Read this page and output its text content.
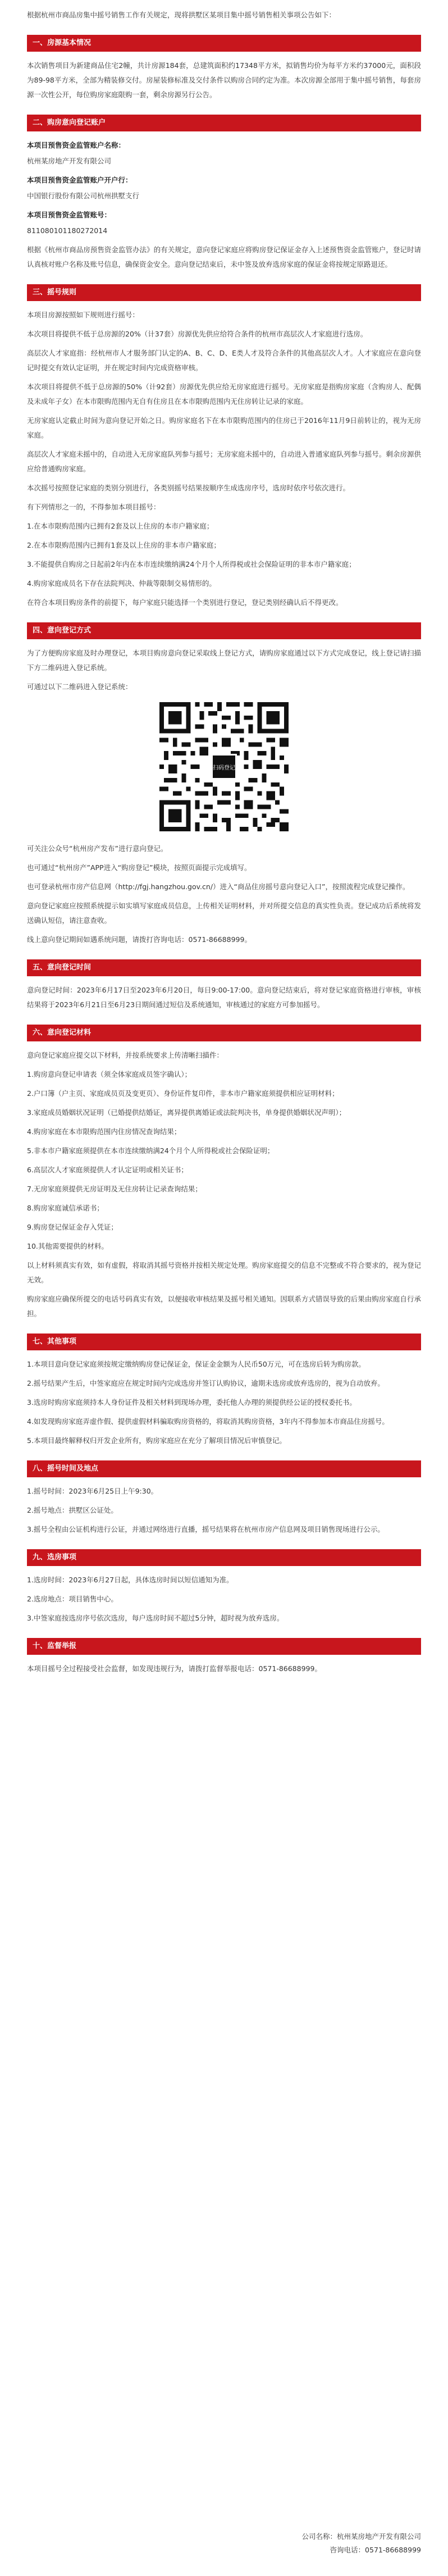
根据杭州市商品房集中摇号销售工作有关规定，现将拱墅区某项目集中摇号销售相关事项公告如下：

一、房源基本情况

本次销售项目为新建商品住宅2幢，共计房源184套，总建筑面积约17348平方米，拟销售均价为每平方米约37000元，面积段为89-98平方米，全部为精装修交付。房屋装修标准及交付条件以购房合同约定为准。本次房源全部用于集中摇号销售，每套房源一次性公开，每位购房家庭限购一套，剩余房源另行公告。

二、购房意向登记账户

本项目预售资金监管账户名称：

杭州某房地产开发有限公司

本项目预售资金监管账户开户行：

中国银行股份有限公司杭州拱墅支行

本项目预售资金监管账号：

811080101180272014

根据《杭州市商品房预售资金监管办法》的有关规定，意向登记家庭应将购房登记保证金存入上述预售资金监管账户，登记时请认真核对账户名称及账号信息，确保资金安全。意向登记结束后，未中签及放弃选房家庭的保证金将按规定原路退还。

三、摇号规则

本项目房源按照如下规则进行摇号：

本次项目将提供不低于总房源的20%（计37套）房源优先供应给符合条件的杭州市高层次人才家庭进行选房。

高层次人才家庭指：经杭州市人才服务部门认定的A、B、C、D、E类人才及符合条件的其他高层次人才。人才家庭应在意向登记时提交有效认定证明，并在规定时间内完成资格审核。

本次项目将提供不低于总房源的50%（计92套）房源优先供应给无房家庭进行摇号。无房家庭是指购房家庭（含购房人、配偶及未成年子女）在本市限购范围内无自有住房且在本市限购范围内无住房转让记录的家庭。

无房家庭认定截止时间为意向登记开始之日。购房家庭名下在本市限购范围内的住房已于2016年11月9日前转让的，视为无房家庭。

高层次人才家庭未摇中的，自动进入无房家庭队列参与摇号；无房家庭未摇中的，自动进入普通家庭队列参与摇号。剩余房源供应给普通购房家庭。

本次摇号按照登记家庭的类别分别进行，各类别摇号结果按顺序生成选房序号，选房时依序号依次进行。

有下列情形之一的，不得参加本项目摇号：

1.在本市限购范围内已拥有2套及以上住房的本市户籍家庭；

2.在本市限购范围内已拥有1套及以上住房的非本市户籍家庭；

3.不能提供自购房之日起前2年内在本市连续缴纳满24个月个人所得税或社会保险证明的非本市户籍家庭；

4.购房家庭成员名下存在法院判决、仲裁等限制交易情形的。

在符合本项目购房条件的前提下，每户家庭只能选择一个类别进行登记，登记类别经确认后不得更改。

四、意向登记方式

为了方便购房家庭及时办理登记，本项目购房意向登记采取线上登记方式，请购房家庭通过以下方式完成登记，线上登记请扫描下方二维码进入登记系统。

可通过以下二维码进入登记系统：

扫码登记

可关注公众号“杭州房产发布”进行意向登记。

也可通过“杭州房产”APP进入“购房登记”模块，按照页面提示完成填写。

也可登录杭州市房产信息网（http://fgj.hangzhou.gov.cn/）进入“商品住房摇号意向登记入口”，按照流程完成登记操作。

意向登记家庭应按照系统提示如实填写家庭成员信息，上传相关证明材料，并对所提交信息的真实性负责。登记成功后系统将发送确认短信，请注意查收。

线上意向登记期间如遇系统问题，请拨打咨询电话：0571-86688999。

五、意向登记时间

意向登记时间：2023年6月17日至2023年6月20日，每日9:00-17:00。意向登记结束后，将对登记家庭资格进行审核，审核结果将于2023年6月21日至6月23日期间通过短信及系统通知，审核通过的家庭方可参加摇号。

六、意向登记材料

意向登记家庭应提交以下材料，并按系统要求上传清晰扫描件：

1.购房意向登记申请表（须全体家庭成员签字确认）；

2.户口簿（户主页、家庭成员页及变更页）、身份证件复印件，非本市户籍家庭须提供相应证明材料；

3.家庭成员婚姻状况证明（已婚提供结婚证，离异提供离婚证或法院判决书，单身提供婚姻状况声明）；

4.购房家庭在本市限购范围内住房情况查询结果；

5.非本市户籍家庭须提供在本市连续缴纳满24个月个人所得税或社会保险证明；

6.高层次人才家庭须提供人才认定证明或相关证书；

7.无房家庭须提供无房证明及无住房转让记录查询结果；

8.购房家庭诚信承诺书；

9.购房登记保证金存入凭证；

10.其他需要提供的材料。

以上材料须真实有效，如有虚假，将取消其摇号资格并按相关规定处理。购房家庭提交的信息不完整或不符合要求的，视为登记无效。

购房家庭应确保所提交的电话号码真实有效，以便接收审核结果及摇号相关通知。因联系方式错误导致的后果由购房家庭自行承担。

七、其他事项

1.本项目意向登记家庭须按规定缴纳购房登记保证金，保证金金额为人民币50万元，可在选房后转为购房款。

2.摇号结果产生后，中签家庭应在规定时间内完成选房并签订认购协议，逾期未选房或放弃选房的，视为自动放弃。

3.选房时购房家庭须持本人身份证件及相关材料到现场办理，委托他人办理的须提供经公证的授权委托书。

4.如发现购房家庭弄虚作假、提供虚假材料骗取购房资格的，将取消其购房资格，3年内不得参加本市商品住房摇号。

5.本项目最终解释权归开发企业所有，购房家庭应在充分了解项目情况后审慎登记。

八、摇号时间及地点

1.摇号时间：2023年6月25日上午9:30。

2.摇号地点：拱墅区公证处。

3.摇号全程由公证机构进行公证，并通过网络进行直播，摇号结果将在杭州市房产信息网及项目销售现场进行公示。

九、选房事项

1.选房时间：2023年6月27日起，具体选房时间以短信通知为准。

2.选房地点：项目销售中心。

3.中签家庭按选房序号依次选房，每户选房时间不超过5分钟，超时视为放弃选房。

十、监督举报

本项目摇号全过程接受社会监督，如发现违规行为，请拨打监督举报电话：0571-86688999。

公司名称：杭州某房地产开发有限公司
咨询电话：0571-86688999
